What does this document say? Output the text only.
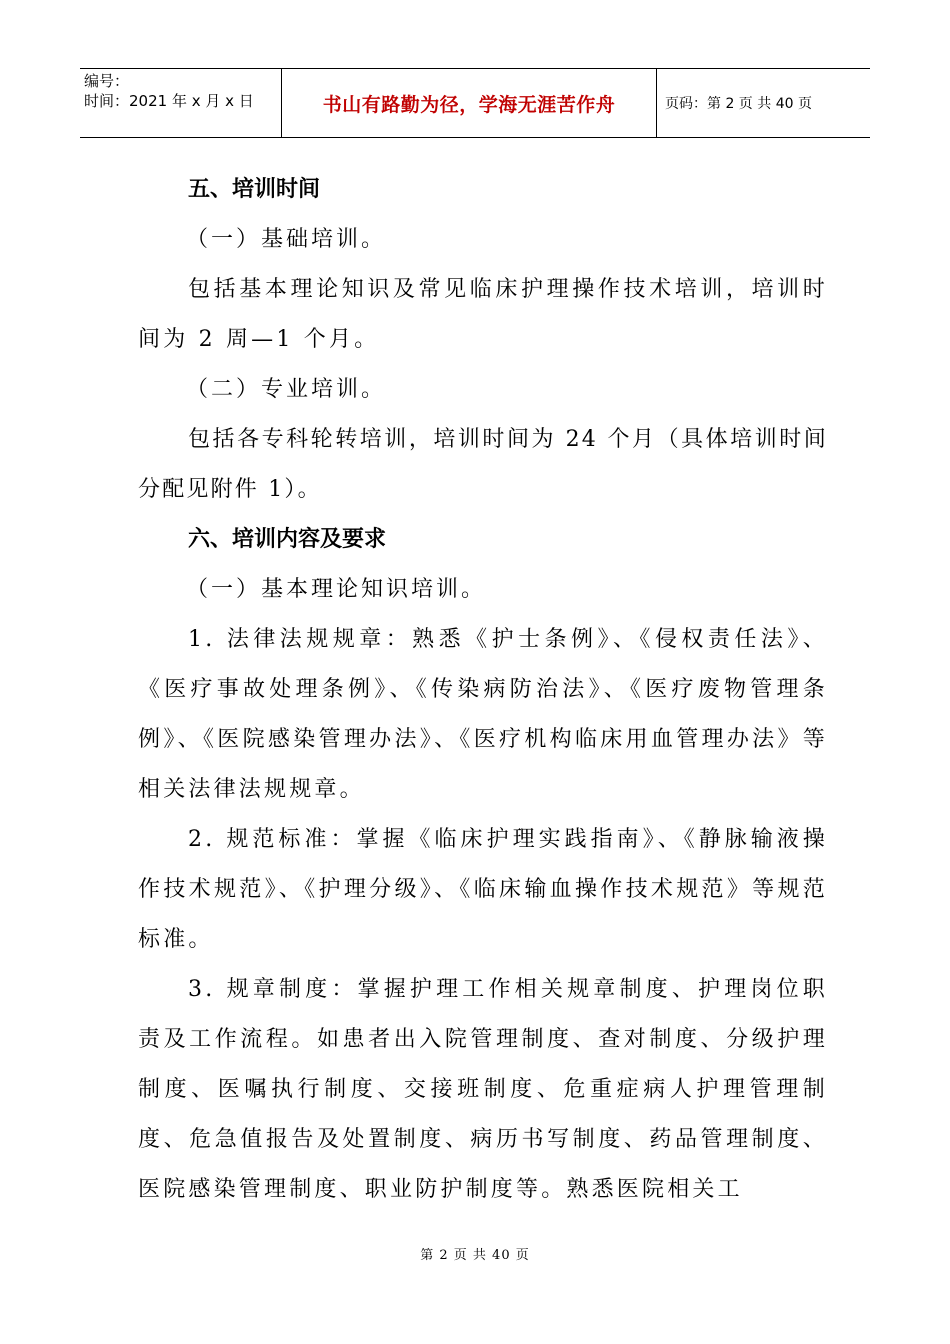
编号：
时间：2021 年 x 月 x 日	书山有路勤为径，学海无涯苦作舟	页码：第 2 页 共 40 页
五、培训时间
（一）基础培训。

包括基本理论知识及常见临床护理操作技术培训，培训时间为 2 周—1 个月。

（二）专业培训。

包括各专科轮转培训，培训时间为 24 个月（具体培训时间分配见附件 1）。

六、培训内容及要求
（一）基本理论知识培训。

1. 法律法规规章：熟悉《护士条例》、《侵权责任法》、《医疗事故处理条例》、《传染病防治法》、《医疗废物管理条例》、《医院感染管理办法》、《医疗机构临床用血管理办法》等相关法律法规规章。

2. 规范标准：掌握《临床护理实践指南》、《静脉输液操作技术规范》、《护理分级》、《临床输血操作技术规范》等规范标准。

3. 规章制度：掌握护理工作相关规章制度、护理岗位职责及工作流程。如患者出入院管理制度、查对制度、分级护理制度、医嘱执行制度、交接班制度、危重症病人护理管理制度、危急值报告及处置制度、病历书写制度、药品管理制度、医院感染管理制度、职业防护制度等。熟悉医院相关工

第 2 页 共 40 页
